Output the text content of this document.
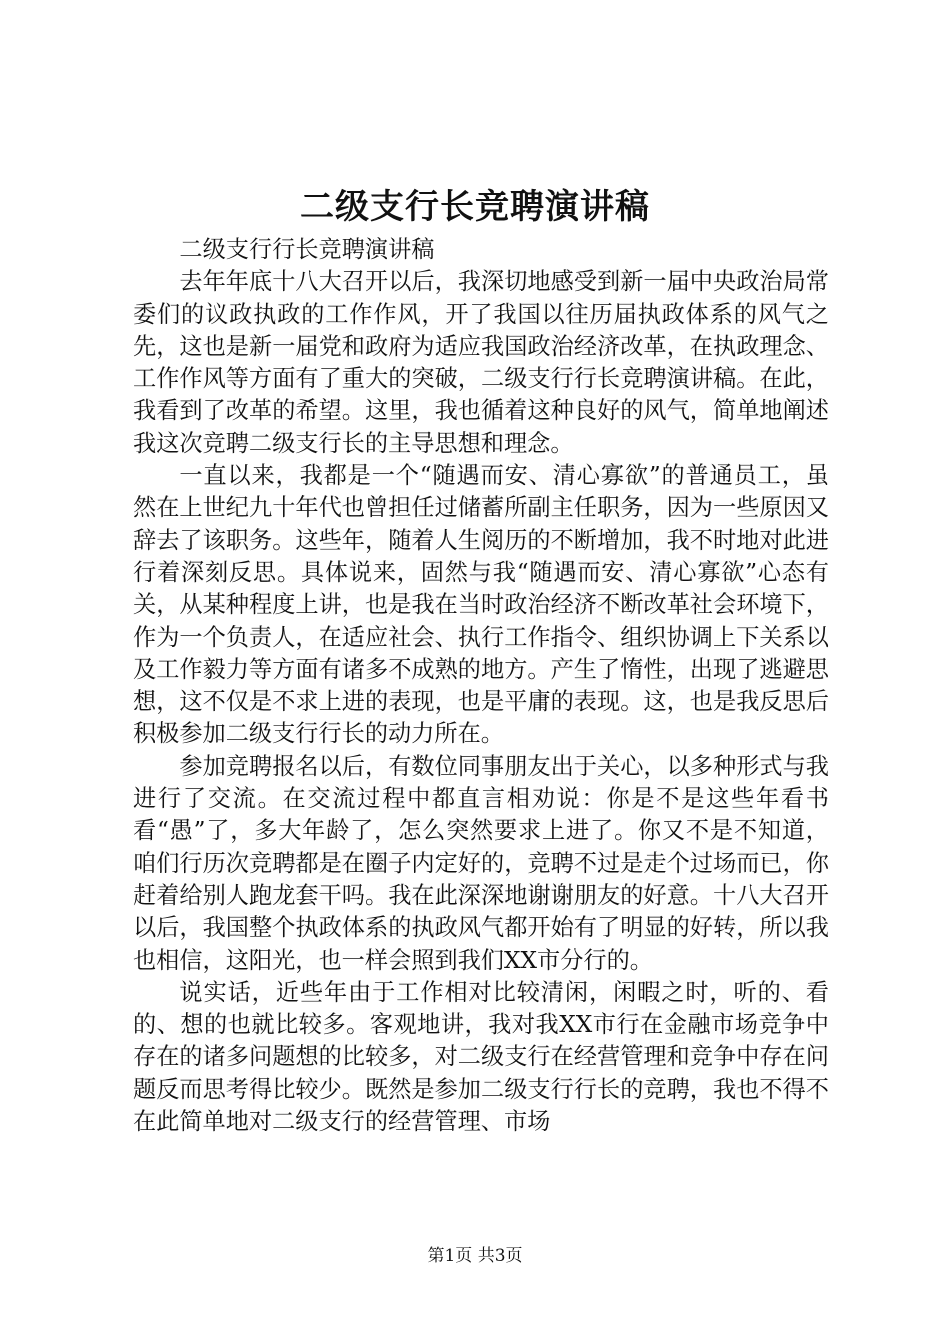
二级支行长竞聘演讲稿

二级支行行长竞聘演讲稿

去年年底十八大召开以后，我深切地感受到新一届中央政治局常委们的议政执政的工作作风，开了我国以往历届执政体系的风气之先，这也是新一届党和政府为适应我国政治经济改革，在执政理念、工作作风等方面有了重大的突破，二级支行行长竞聘演讲稿。在此，我看到了改革的希望。这里，我也循着这种良好的风气，简单地阐述我这次竞聘二级支行长的主导思想和理念。

一直以来，我都是一个“随遇而安、清心寡欲”的普通员工，虽然在上世纪九十年代也曾担任过储蓄所副主任职务，因为一些原因又辞去了该职务。这些年，随着人生阅历的不断增加，我不时地对此进行着深刻反思。具体说来，固然与我“随遇而安、清心寡欲”心态有关，从某种程度上讲，也是我在当时政治经济不断改革社会环境下，作为一个负责人，在适应社会、执行工作指令、组织协调上下关系以及工作毅力等方面有诸多不成熟的地方。产生了惰性，出现了逃避思想，这不仅是不求上进的表现，也是平庸的表现。这，也是我反思后积极参加二级支行行长的动力所在。

参加竞聘报名以后，有数位同事朋友出于关心，以多种形式与我进行了交流。在交流过程中都直言相劝说：你是不是这些年看书看“愚”了，多大年龄了，怎么突然要求上进了。你又不是不知道，咱们行历次竞聘都是在圈子内定好的，竞聘不过是走个过场而已，你赶着给别人跑龙套干吗。我在此深深地谢谢朋友的好意。十八大召开以后，我国整个执政体系的执政风气都开始有了明显的好转，所以我也相信，这阳光，也一样会照到我们XX市分行的。

说实话，近些年由于工作相对比较清闲，闲暇之时，听的、看的、想的也就比较多。客观地讲，我对我XX市行在金融市场竞争中存在的诸多问题想的比较多，对二级支行在经营管理和竞争中存在问题反而思考得比较少。既然是参加二级支行行长的竞聘，我也不得不在此简单地对二级支行的经营管理、市场

第1页 共3页
